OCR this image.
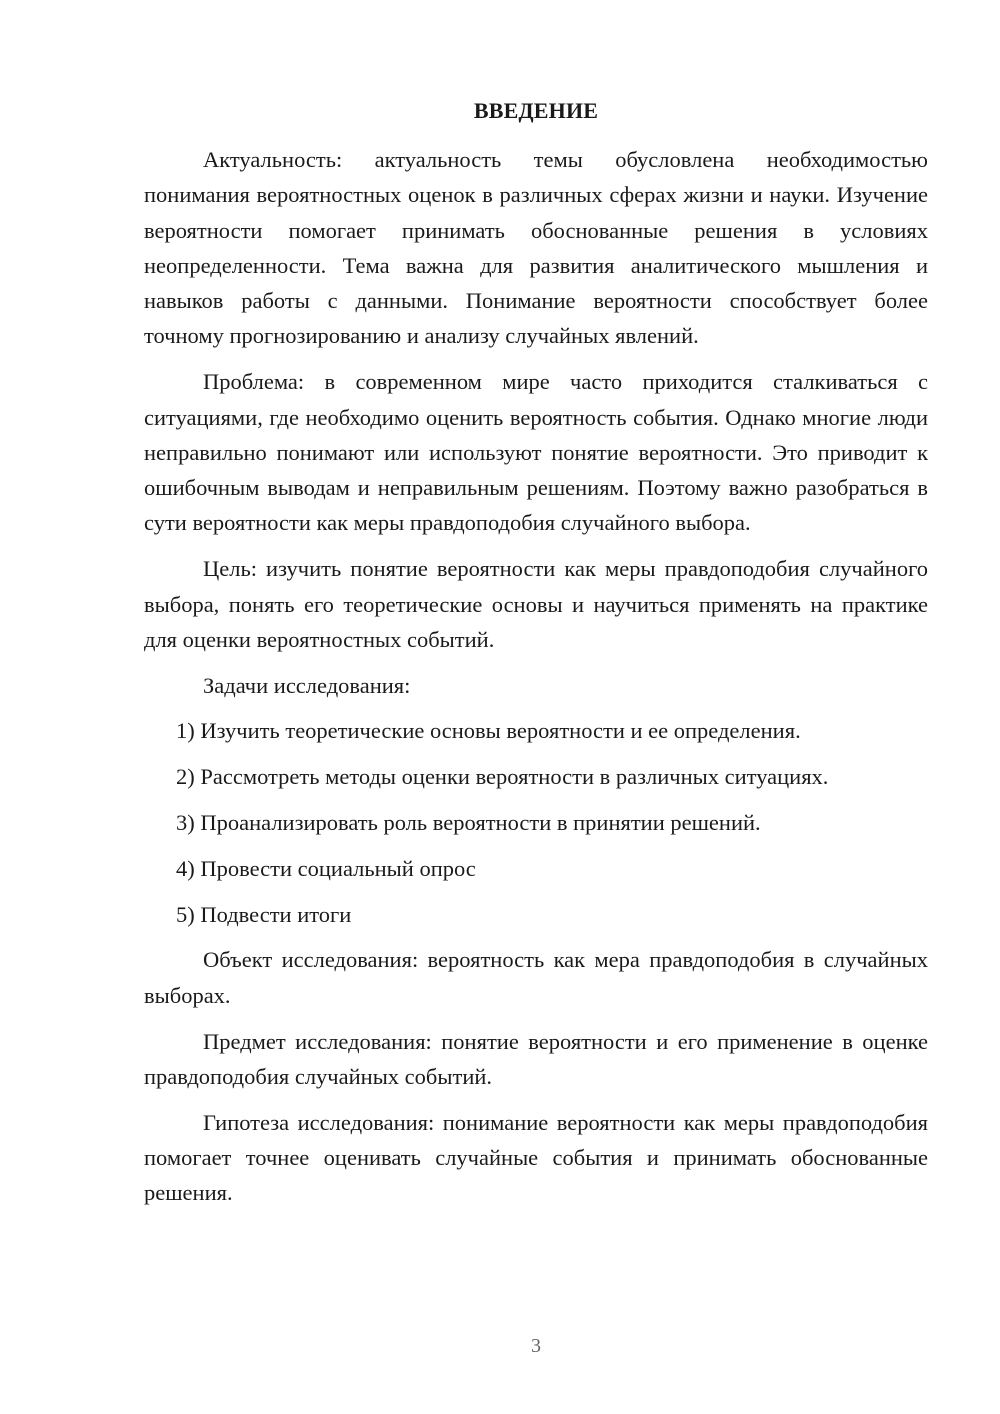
ВВЕДЕНИЕ

Актуальность: актуальность темы обусловлена необходимостью понимания вероятностных оценок в различных сферах жизни и науки. Изучение вероятности помогает принимать обоснованные решения в условиях неопределенности. Тема важна для развития аналитического мышления и навыков работы с данными. Понимание вероятности способствует более точному прогнозированию и анализу случайных явлений.

Проблема: в современном мире часто приходится сталкиваться с ситуациями, где необходимо оценить вероятность события. Однако многие люди неправильно понимают или используют понятие вероятности. Это приводит к ошибочным выводам и неправильным решениям. Поэтому важно разобраться в сути вероятности как меры правдоподобия случайного выбора.

Цель: изучить понятие вероятности как меры правдоподобия случайного выбора, понять его теоретические основы и научиться применять на практике для оценки вероятностных событий.

Задачи исследования:

1) Изучить теоретические основы вероятности и ее определения.

2) Рассмотреть методы оценки вероятности в различных ситуациях.

3) Проанализировать роль вероятности в принятии решений.

4) Провести социальный опрос

5) Подвести итоги

Объект исследования: вероятность как мера правдоподобия в случайных выборах.

Предмет исследования: понятие вероятности и его применение в оценке правдоподобия случайных событий.

Гипотеза исследования: понимание вероятности как меры правдоподобия помогает точнее оценивать случайные события и принимать обоснованные решения.

3
